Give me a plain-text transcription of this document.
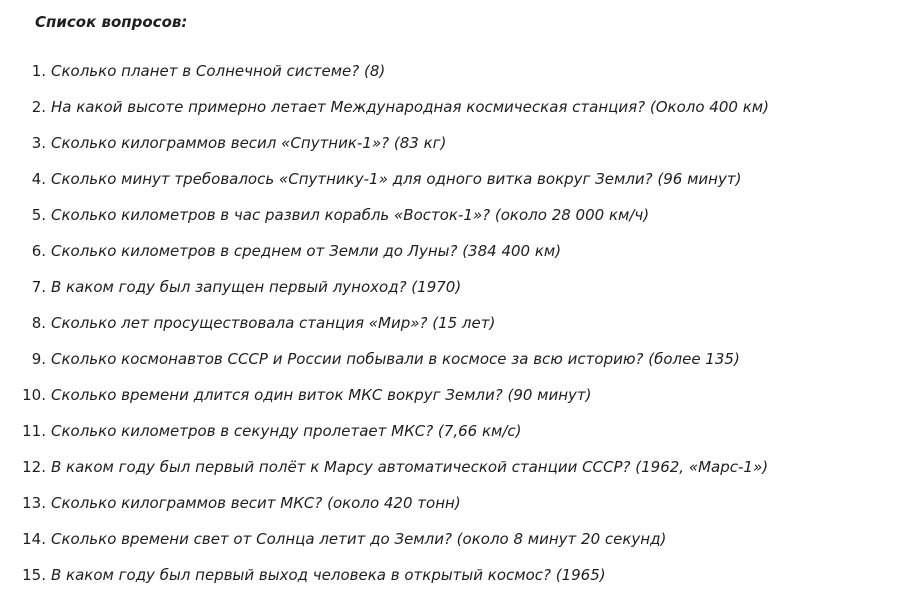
Список вопросов:
1. Сколько планет в Солнечной системе? (8)
2. На какой высоте примерно летает Международная космическая станция? (Около 400 км)
3. Сколько килограммов весил «Спутник-1»? (83 кг)
4. Сколько минут требовалось «Спутнику-1» для одного витка вокруг Земли? (96 минут)
5. Сколько километров в час развил корабль «Восток-1»? (около 28 000 км/ч)
6. Сколько километров в среднем от Земли до Луны? (384 400 км)
7. В каком году был запущен первый луноход? (1970)
8. Сколько лет просуществовала станция «Мир»? (15 лет)
9. Сколько космонавтов СССР и России побывали в космосе за всю историю? (более 135)
10. Сколько времени длится один виток МКС вокруг Земли? (90 минут)
11. Сколько километров в секунду пролетает МКС? (7,66 км/с)
12. В каком году был первый полёт к Марсу автоматической станции СССР? (1962, «Марс-1»)
13. Сколько килограммов весит МКС? (около 420 тонн)
14. Сколько времени свет от Солнца летит до Земли? (около 8 минут 20 секунд)
15. В каком году был первый выход человека в открытый космос? (1965)
